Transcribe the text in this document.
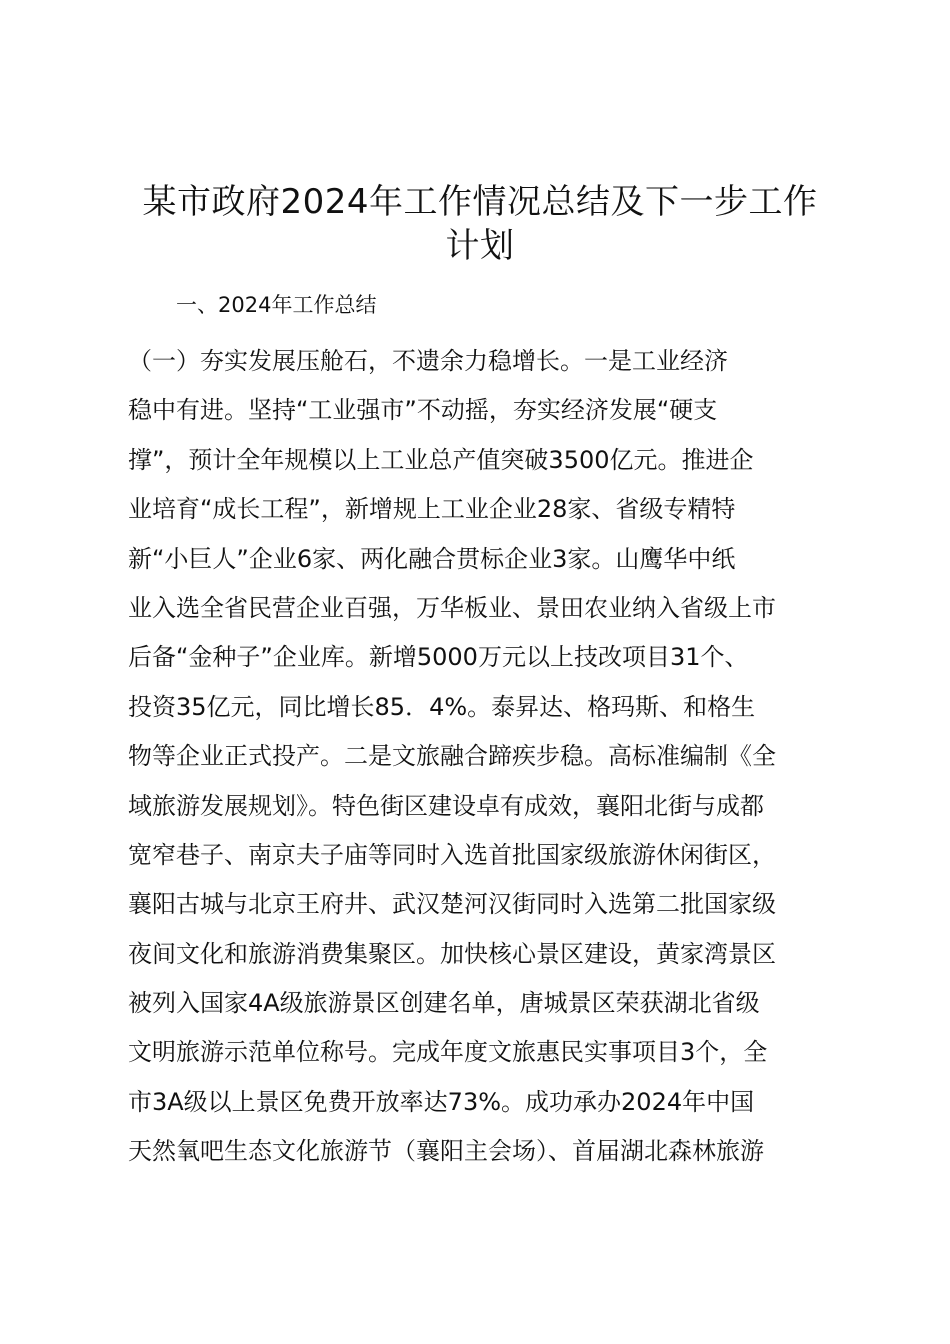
某市政府2024年工作情况总结及下一步工作
计划
一、2024年工作总结
（一）夯实发展压舱石，不遗余力稳增长。一是工业经济
稳中有进。坚持“工业强市”不动摇，夯实经济发展“硬支
撑”，预计全年规模以上工业总产值突破3500亿元。推进企
业培育“成长工程”，新增规上工业企业28家、省级专精特
新“小巨人”企业6家、两化融合贯标企业3家。山鹰华中纸
业入选全省民营企业百强，万华板业、景田农业纳入省级上市
后备“金种子”企业库。新增5000万元以上技改项目31个、
投资35亿元，同比增长85．4%。泰昇达、格玛斯、和格生
物等企业正式投产。二是文旅融合蹄疾步稳。高标准编制《全
域旅游发展规划》。特色街区建设卓有成效，襄阳北街与成都
宽窄巷子、南京夫子庙等同时入选首批国家级旅游休闲街区，
襄阳古城与北京王府井、武汉楚河汉街同时入选第二批国家级
夜间文化和旅游消费集聚区。加快核心景区建设，黄家湾景区
被列入国家4A级旅游景区创建名单，唐城景区荣获湖北省级
文明旅游示范单位称号。完成年度文旅惠民实事项目3个，全
市3A级以上景区免费开放率达73%。成功承办2024年中国
天然氧吧生态文化旅游节（襄阳主会场）、首届湖北森林旅游
